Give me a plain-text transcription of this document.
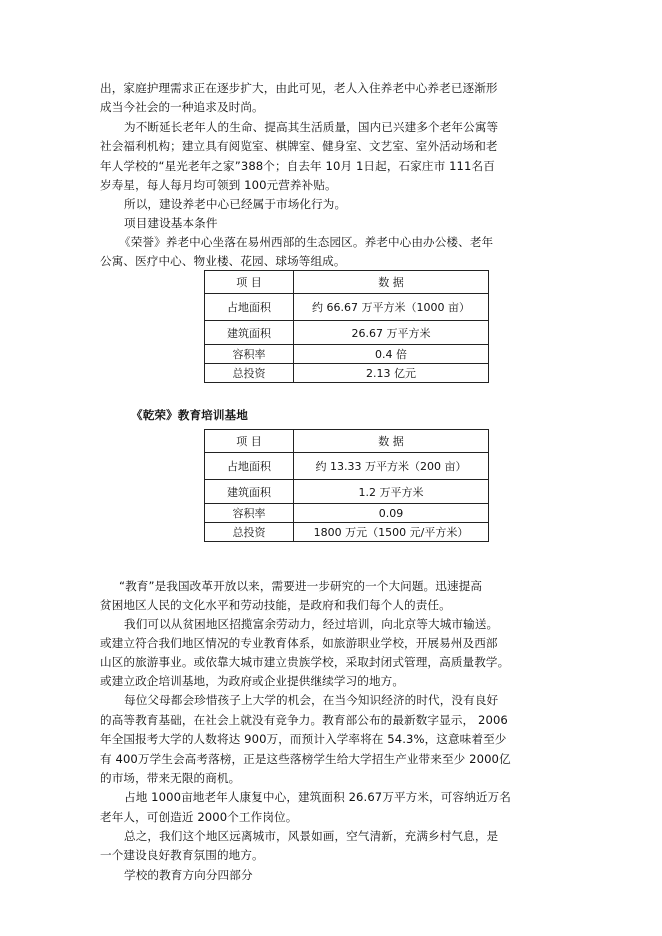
出，家庭护理需求正在逐步扩大，由此可见，老人入住养老中心养老已逐渐形
成当今社会的一种追求及时尚。
为不断延长老年人的生命、提高其生活质量，国内已兴建多个老年公寓等
社会福利机构；建立具有阅览室、棋牌室、健身室、文艺室、室外活动场和老
年人学校的“星光老年之家”388个；自去年 10月 1日起，石家庄市 111名百
岁寿星，每人每月均可领到 100元营养补贴。
所以，建设养老中心已经属于市场化行为。
项目建设基本条件
《荣誉》养老中心坐落在易州西部的生态园区。养老中心由办公楼、老年
公寓、医疗中心、物业楼、花园、球场等组成。
项 目	数 据
占地面积	约 66.67 万平方米（1000 亩）
建筑面积	26.67 万平方米
容积率	0.4 倍
总投资	2.13 亿元
《乾荣》教育培训基地
项 目	数 据
占地面积	约 13.33 万平方米（200 亩）
建筑面积	1.2 万平方米
容积率	0.09
总投资	1800 万元（1500 元/平方米）
“教育”是我国改革开放以来，需要进一步研究的一个大问题。迅速提高
贫困地区人民的文化水平和劳动技能，是政府和我们每个人的责任。
我们可以从贫困地区招揽富余劳动力，经过培训，向北京等大城市输送。
或建立符合我们地区情况的专业教育体系，如旅游职业学校，开展易州及西部
山区的旅游事业。或依靠大城市建立贵族学校，采取封闭式管理，高质量教学。
或建立政企培训基地，为政府或企业提供继续学习的地方。
每位父母都会珍惜孩子上大学的机会，在当今知识经济的时代，没有良好
的高等教育基础，在社会上就没有竞争力。教育部公布的最新数字显示， 2006
年全国报考大学的人数将达 900万，而预计入学率将在 54.3%，这意味着至少
有 400万学生会高考落榜，正是这些落榜学生给大学招生产业带来至少 2000亿
的市场，带来无限的商机。
占地 1000亩地老年人康复中心，建筑面积 26.67万平方米，可容纳近万名
老年人，可创造近 2000个工作岗位。
总之，我们这个地区远离城市，风景如画，空气清新，充满乡村气息，是
一个建设良好教育氛围的地方。
学校的教育方向分四部分
